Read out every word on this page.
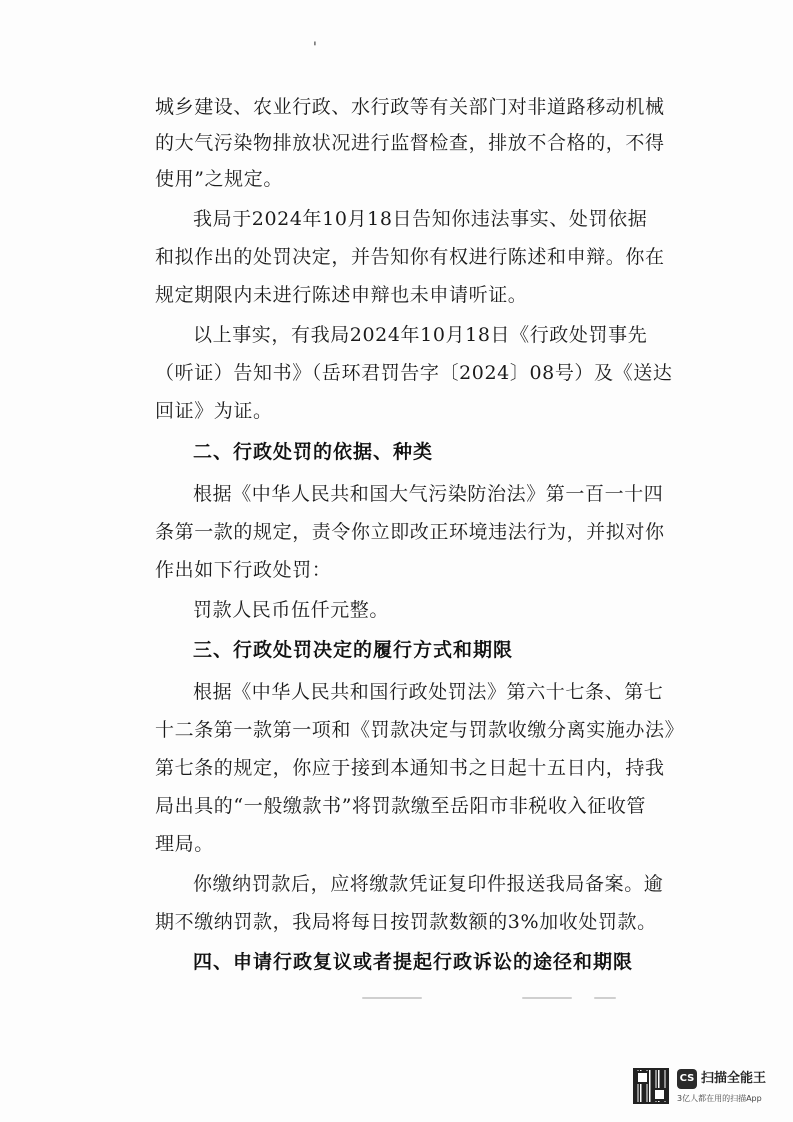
'
城乡建设、农业行政、水行政等有关部门对非道路移动机械
的大气污染物排放状况进行监督检查，排放不合格的，不得
使用”之规定。
我局于2024年10月18日告知你违法事实、处罚依据
和拟作出的处罚决定，并告知你有权进行陈述和申辩。你在
规定期限内未进行陈述申辩也未申请听证。
以上事实，有我局2024年10月18日《行政处罚事先
（听证）告知书》（岳环君罚告字〔2024〕08号）及《送达
回证》为证。
二、行政处罚的依据、种类
根据《中华人民共和国大气污染防治法》第一百一十四
条第一款的规定，责令你立即改正环境违法行为，并拟对你
作出如下行政处罚：
罚款人民币伍仟元整。
三、行政处罚决定的履行方式和期限
根据《中华人民共和国行政处罚法》第六十七条、第七
十二条第一款第一项和《罚款决定与罚款收缴分离实施办法》
第七条的规定，你应于接到本通知书之日起十五日内，持我
局出具的“一般缴款书”将罚款缴至岳阳市非税收入征收管
理局。
你缴纳罚款后，应将缴款凭证复印件报送我局备案。逾
期不缴纳罚款，我局将每日按罚款数额的3%加收处罚款。
四、申请行政复议或者提起行政诉讼的途径和期限
CS 扫描全能王
3亿人都在用的扫描App
